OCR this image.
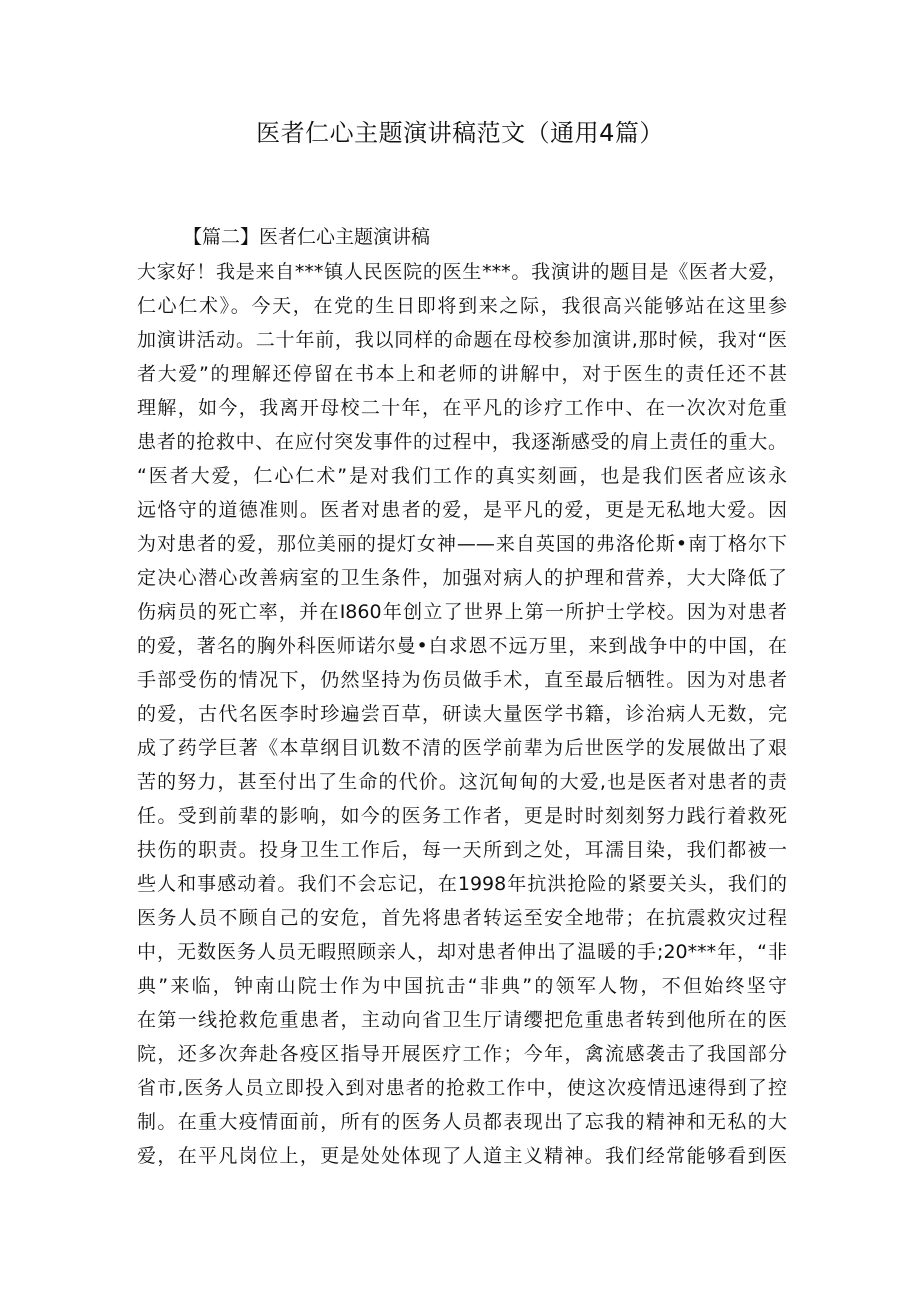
医者仁心主题演讲稿范文（通用4篇）
【篇二】医者仁心主题演讲稿
大家好！我是来自***镇人民医院的医生***。我演讲的题目是《医者大爱，
仁心仁术》。今天，在党的生日即将到来之际，我很高兴能够站在这里参
加演讲活动。二十年前，我以同样的命题在母校参加演讲,那时候，我对“医
者大爱”的理解还停留在书本上和老师的讲解中，对于医生的责任还不甚
理解，如今，我离开母校二十年，在平凡的诊疗工作中、在一次次对危重
患者的抢救中、在应付突发事件的过程中，我逐渐感受的肩上责任的重大。
“医者大爱，仁心仁术”是对我们工作的真实刻画，也是我们医者应该永
远恪守的道德准则。医者对患者的爱，是平凡的爱，更是无私地大爱。因
为对患者的爱，那位美丽的提灯女神——来自英国的弗洛伦斯•南丁格尔下
定决心潜心改善病室的卫生条件，加强对病人的护理和营养，大大降低了
伤病员的死亡率，并在I860年创立了世界上第一所护士学校。因为对患者
的爱，著名的胸外科医师诺尔曼•白求恩不远万里，来到战争中的中国，在
手部受伤的情况下，仍然坚持为伤员做手术，直至最后牺牲。因为对患者
的爱，古代名医李时珍遍尝百草，研读大量医学书籍，诊治病人无数，完
成了药学巨著《本草纲目讥数不清的医学前辈为后世医学的发展做出了艰
苦的努力，甚至付出了生命的代价。这沉甸甸的大爱,也是医者对患者的责
任。受到前辈的影响，如今的医务工作者，更是时时刻刻努力践行着救死
扶伤的职责。投身卫生工作后，每一天所到之处，耳濡目染，我们都被一
些人和事感动着。我们不会忘记，在1998年抗洪抢险的紧要关头，我们的
医务人员不顾自己的安危，首先将患者转运至安全地带；在抗震救灾过程
中，无数医务人员无暇照顾亲人，却对患者伸出了温暖的手;20***年，“非
典”来临，钟南山院士作为中国抗击“非典”的领军人物，不但始终坚守
在第一线抢救危重患者，主动向省卫生厅请缨把危重患者转到他所在的医
院，还多次奔赴各疫区指导开展医疗工作；今年，禽流感袭击了我国部分
省市,医务人员立即投入到对患者的抢救工作中，使这次疫情迅速得到了控
制。在重大疫情面前，所有的医务人员都表现出了忘我的精神和无私的大
爱，在平凡岗位上，更是处处体现了人道主义精神。我们经常能够看到医
